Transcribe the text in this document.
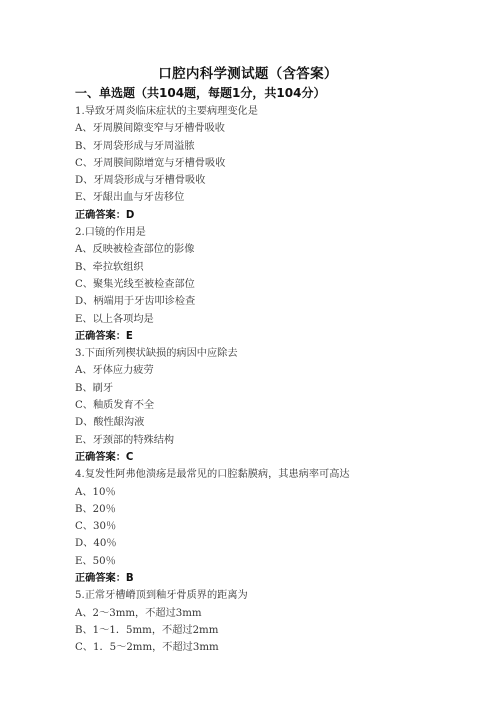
口腔内科学测试题（含答案）
一、单选题（共104题，每题1分，共104分）
1.导致牙周炎临床症状的主要病理变化是
A、牙周膜间隙变窄与牙槽骨吸收
B、牙周袋形成与牙周溢脓
C、牙周膜间隙增宽与牙槽骨吸收
D、牙周袋形成与牙槽骨吸收
E、牙龈出血与牙齿移位
正确答案：D
2.口镜的作用是
A、反映被检查部位的影像
B、牵拉软组织
C、聚集光线至被检查部位
D、柄端用于牙齿叩诊检查
E、以上各项均是
正确答案：E
3.下面所列楔状缺损的病因中应除去
A、牙体应力疲劳
B、刷牙
C、釉质发育不全
D、酸性龈沟液
E、牙颈部的特殊结构
正确答案：C
4.复发性阿弗他溃疡是最常见的口腔黏膜病，其患病率可高达
A、10％
B、20％
C、30％
D、40％
E、50％
正确答案：B
5.正常牙槽嵴顶到釉牙骨质界的距离为
A、2～3mm，不超过3mm
B、1～1．5mm，不超过2mm
C、1．5～2mm，不超过3mm
